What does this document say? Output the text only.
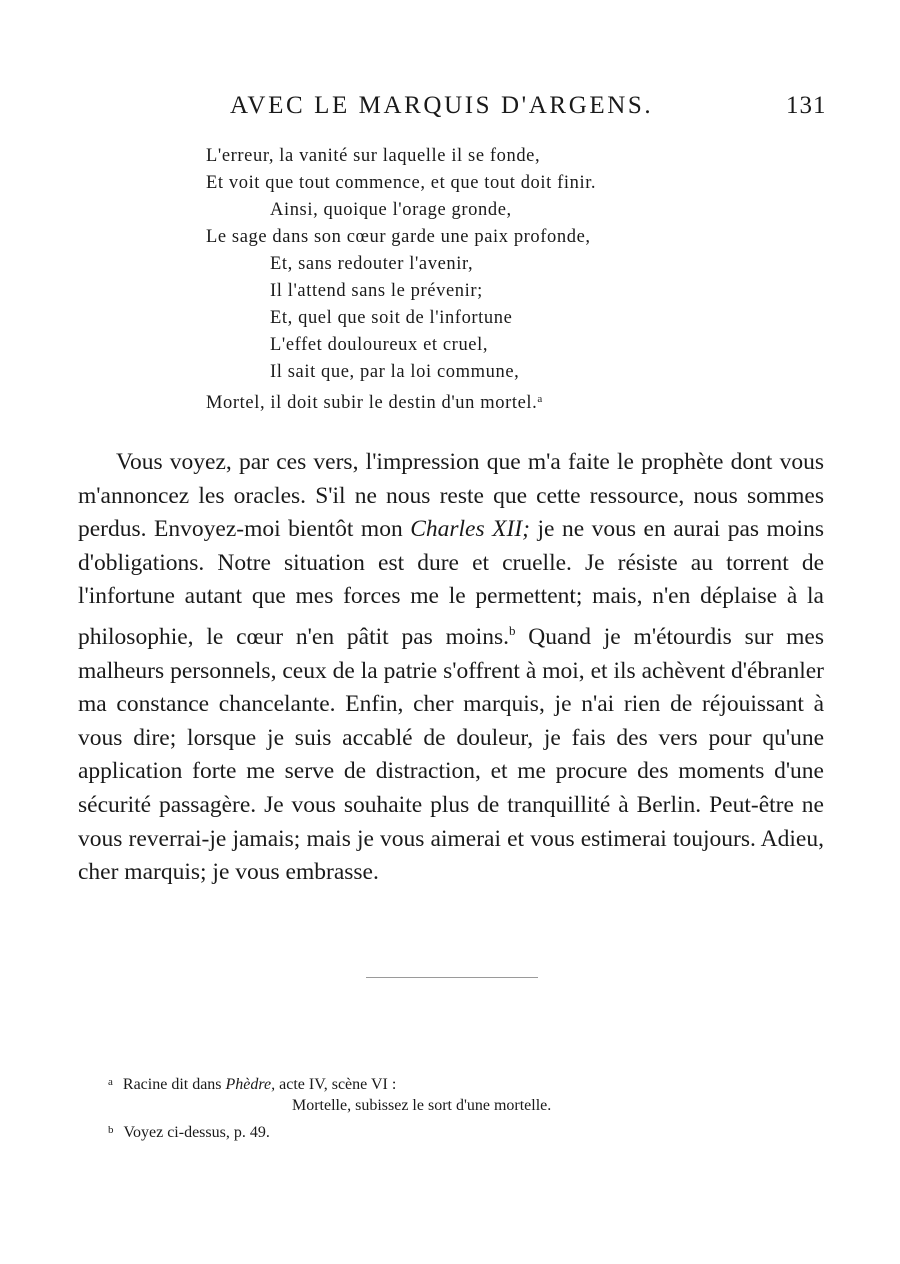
AVEC LE MARQUIS D'ARGENS.	131
L'erreur, la vanité sur laquelle il se fonde,
Et voit que tout commence, et que tout doit finir.
Ainsi, quoique l'orage gronde,
Le sage dans son cœur garde une paix profonde,
Et, sans redouter l'avenir,
Il l'attend sans le prévenir;
Et, quel que soit de l'infortune
L'effet douloureux et cruel,
Il sait que, par la loi commune,
Mortel, il doit subir le destin d'un mortel.$^a$

Vous voyez, par ces vers, l'impression que m'a faite le prophète dont vous m'annoncez les oracles. S'il ne nous reste que cette ressource, nous sommes perdus. Envoyez-moi bientôt mon Charles XII; je ne vous en aurai pas moins d'obligations. Notre situation est dure et cruelle. Je résiste au torrent de l'infortune autant que mes forces me le permettent; mais, n'en déplaise à la philosophie, le cœur n'en pâtit pas moins.$^b$ Quand je m'étourdis sur mes malheurs personnels, ceux de la patrie s'offrent à moi, et ils achèvent d'ébranler ma constance chancelante. Enfin, cher marquis, je n'ai rien de réjouissant à vous dire; lorsque je suis accablé de douleur, je fais des vers pour qu'une application forte me serve de distraction, et me procure des moments d'une sécurité passagère. Je vous souhaite plus de tranquillité à Berlin. Peut-être ne vous reverrai-je jamais; mais je vous aimerai et vous estimerai toujours. Adieu, cher marquis; je vous embrasse.

$^a$ Racine dit dans Phèdre, acte IV, scène VI :
Mortelle, subissez le sort d'une mortelle.
$^b$ Voyez ci-dessus, p. 49.
